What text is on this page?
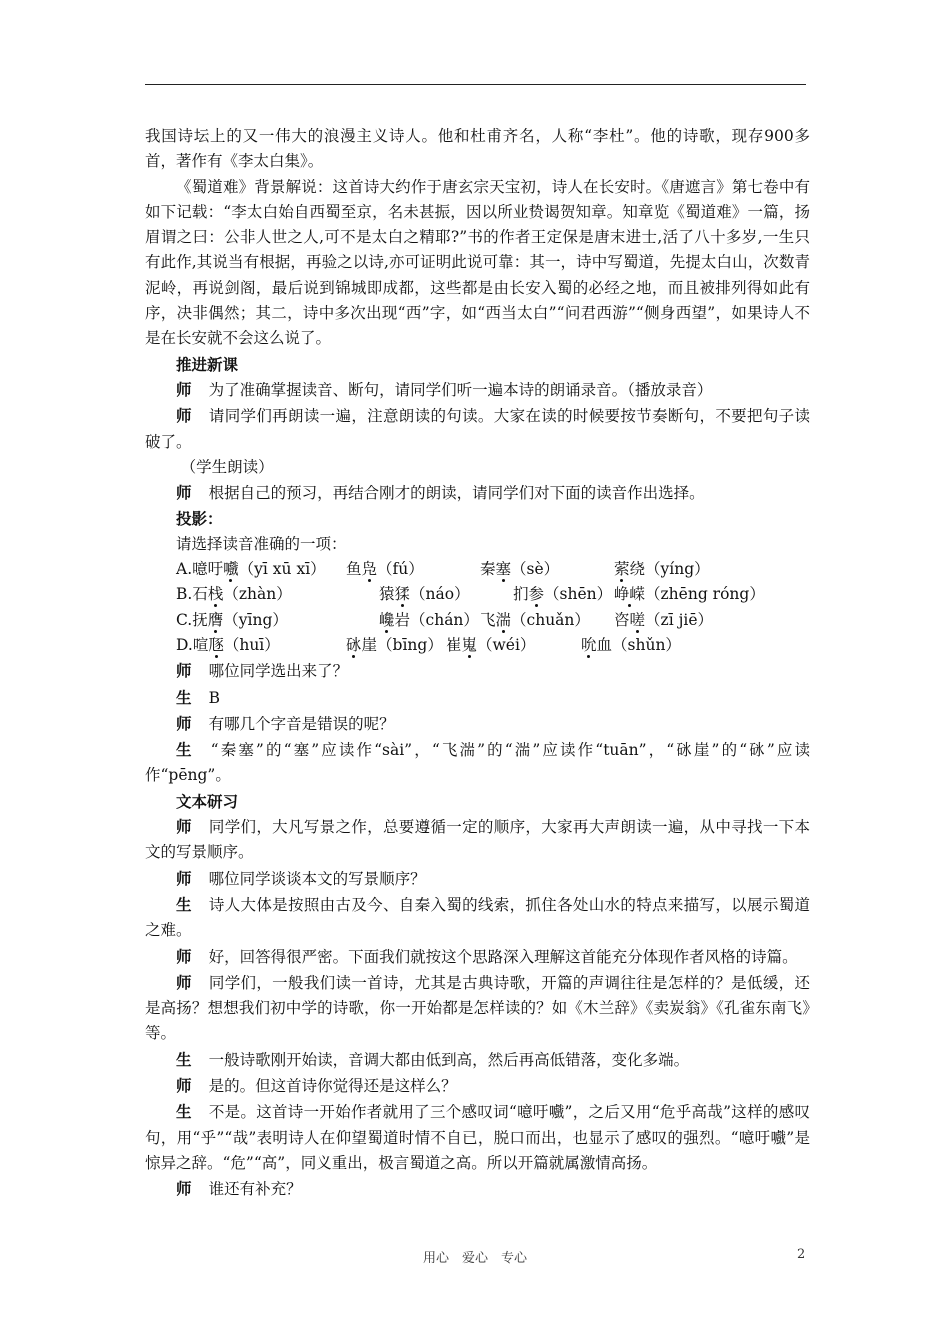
我国诗坛上的又一伟大的浪漫主义诗人。他和杜甫齐名，人称“李杜”。他的诗歌，现存900多首，著作有《李太白集》。

《蜀道难》背景解说：这首诗大约作于唐玄宗天宝初，诗人在长安时。《唐遮言》第七卷中有如下记载：“李太白始自西蜀至京，名未甚振，因以所业贽谒贺知章。知章览《蜀道难》一篇，扬眉谓之曰：公非人世之人,可不是太白之精耶?”书的作者王定保是唐末进士,活了八十多岁,一生只有此作,其说当有根据，再验之以诗,亦可证明此说可靠：其一，诗中写蜀道，先提太白山，次数青泥岭，再说剑阁，最后说到锦城即成都，这些都是由长安入蜀的必经之地，而且被排列得如此有序，决非偶然；其二，诗中多次出现“西”字，如“西当太白”“问君西游”“侧身西望”，如果诗人不是在长安就不会这么说了。

推进新课

师 为了准确掌握读音、断句，请同学们听一遍本诗的朗诵录音。（播放录音）

师 请同学们再朗读一遍，注意朗读的句读。大家在读的时候要按节奏断句，不要把句子读破了。

（学生朗读）

师 根据自己的预习，再结合刚才的朗读，请同学们对下面的读音作出选择。

投影：

请选择读音准确的一项：

A.噫吁嚱（yī xū xī） 鱼凫（fú）	秦塞（sè）	萦绕（yíng）
B.石栈（zhàn）	猿猱（náo）	扪参（shēn） 峥嵘（zhēng róng）
C.抚膺（yīng）	巉岩（chán） 飞湍（chuǎn） 咨嗟（zī jiē）
D.喧豗（huī）	砯崖（bīng） 崔嵬（wéi）	吮血（shǔn）

师 哪位同学选出来了？

生 B

师 有哪几个字音是错误的呢？

生 “秦塞”的“塞”应读作“sài”，“飞湍”的“湍”应读作“tuān”，“砯崖”的“砯”应读作“pēng”。

文本研习

师 同学们，大凡写景之作，总要遵循一定的顺序，大家再大声朗读一遍，从中寻找一下本文的写景顺序。

师 哪位同学谈谈本文的写景顺序？

生 诗人大体是按照由古及今、自秦入蜀的线索，抓住各处山水的特点来描写，以展示蜀道之难。

师 好，回答得很严密。下面我们就按这个思路深入理解这首能充分体现作者风格的诗篇。

师 同学们，一般我们读一首诗，尤其是古典诗歌，开篇的声调往往是怎样的？是低缓，还是高扬？想想我们初中学的诗歌，你一开始都是怎样读的？如《木兰辞》《卖炭翁》《孔雀东南飞》等。

生 一般诗歌刚开始读，音调大都由低到高，然后再高低错落，变化多端。

师 是的。但这首诗你觉得还是这样么？

生 不是。这首诗一开始作者就用了三个感叹词“噫吁嚱”，之后又用“危乎高哉”这样的感叹句，用“乎”“哉”表明诗人在仰望蜀道时情不自已，脱口而出，也显示了感叹的强烈。“噫吁嚱”是惊异之辞。“危”“高”，同义重出，极言蜀道之高。所以开篇就属激情高扬。

师 谁还有补充？

用心　爱心　专心	2
